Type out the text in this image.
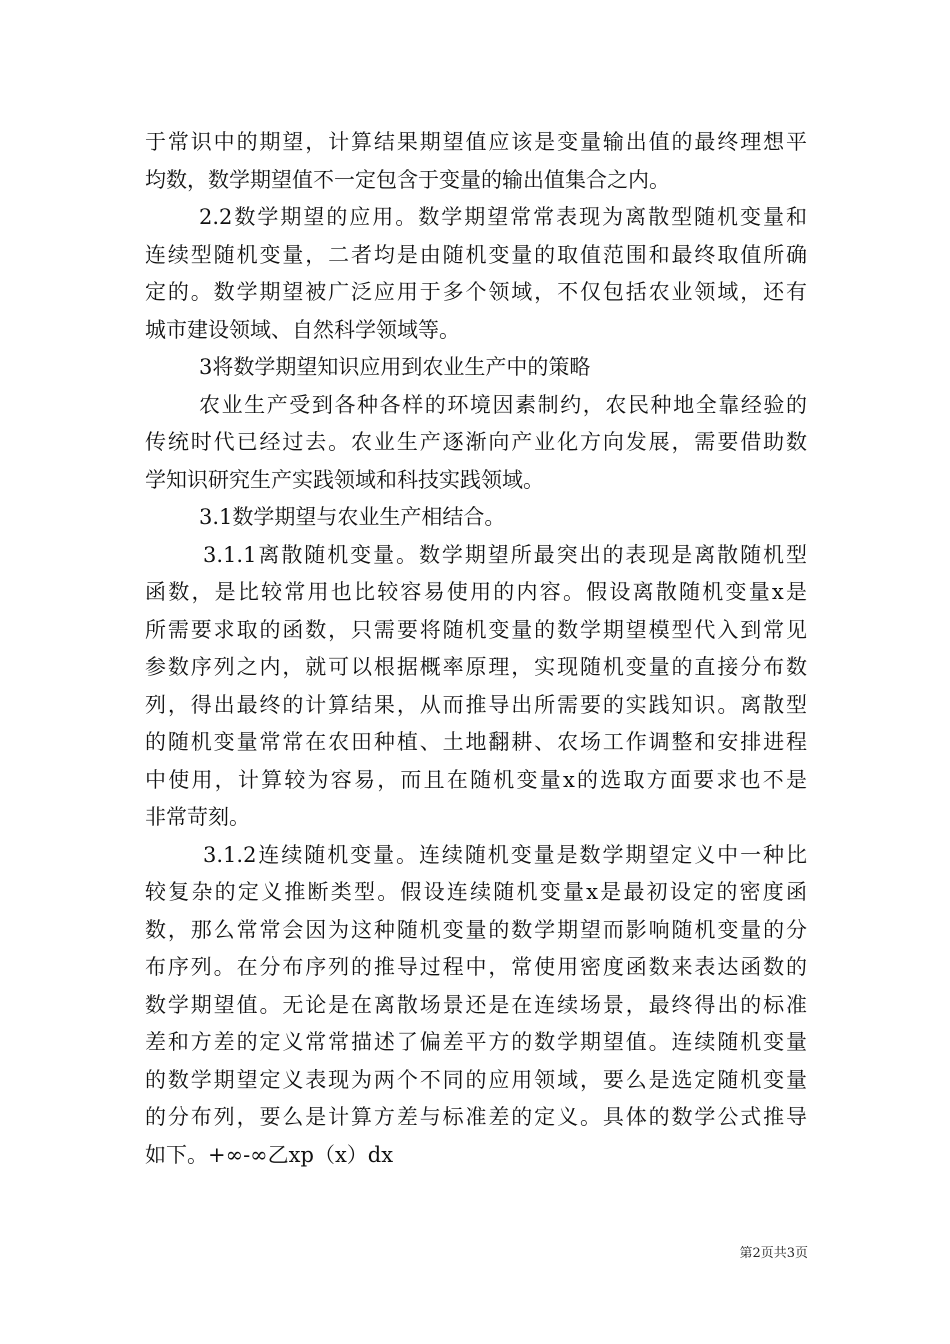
于常识中的期望，计算结果期望值应该是变量输出值的最终理想平
均数，数学期望值不一定包含于变量的输出值集合之内。
2.2数学期望的应用。数学期望常常表现为离散型随机变量和
连续型随机变量，二者均是由随机变量的取值范围和最终取值所确
定的。数学期望被广泛应用于多个领域，不仅包括农业领域，还有
城市建设领域、自然科学领域等。
3将数学期望知识应用到农业生产中的策略
农业生产受到各种各样的环境因素制约，农民种地全靠经验的
传统时代已经过去。农业生产逐渐向产业化方向发展，需要借助数
学知识研究生产实践领域和科技实践领域。
3.1数学期望与农业生产相结合。
3.1.1离散随机变量。数学期望所最突出的表现是离散随机型
函数，是比较常用也比较容易使用的内容。假设离散随机变量x是
所需要求取的函数，只需要将随机变量的数学期望模型代入到常见
参数序列之内，就可以根据概率原理，实现随机变量的直接分布数
列，得出最终的计算结果，从而推导出所需要的实践知识。离散型
的随机变量常常在农田种植、土地翻耕、农场工作调整和安排进程
中使用，计算较为容易，而且在随机变量x的选取方面要求也不是
非常苛刻。
3.1.2连续随机变量。连续随机变量是数学期望定义中一种比
较复杂的定义推断类型。假设连续随机变量x是最初设定的密度函
数，那么常常会因为这种随机变量的数学期望而影响随机变量的分
布序列。在分布序列的推导过程中，常使用密度函数来表达函数的
数学期望值。无论是在离散场景还是在连续场景，最终得出的标准
差和方差的定义常常描述了偏差平方的数学期望值。连续随机变量
的数学期望定义表现为两个不同的应用领域，要么是选定随机变量
的分布列，要么是计算方差与标准差的定义。具体的数学公式推导
如下。+∞-∞乙xp（x）dx
第2页共3页
